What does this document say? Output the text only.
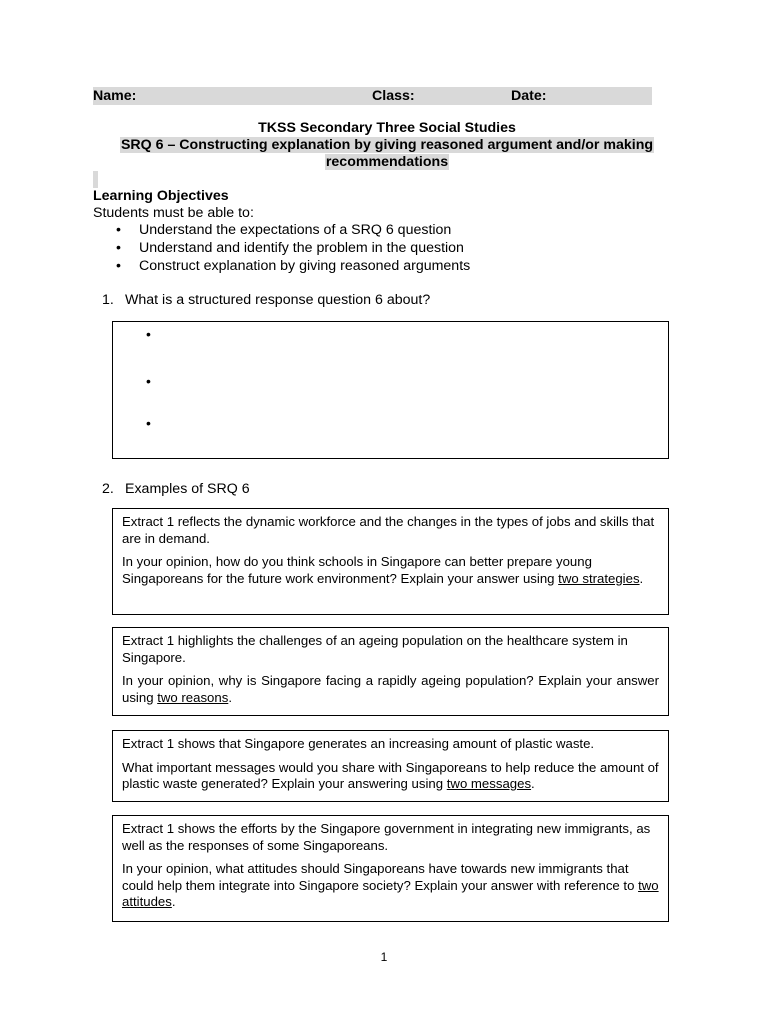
Name:	Class:	Date:
TKSS Secondary Three Social Studies
SRQ 6 – Constructing explanation by giving reasoned argument and/or making
recommendations
Learning Objectives
Students must be able to:
• Understand the expectations of a SRQ 6 question
• Understand and identify the problem in the question
• Construct explanation by giving reasoned arguments
1. What is a structured response question 6 about?
•
•
•
2. Examples of SRQ 6

Extract 1 reflects the dynamic workforce and the changes in the types of jobs and skills that are in demand.

In your opinion, how do you think schools in Singapore can better prepare young Singaporeans for the future work environment? Explain your answer using two strategies.

Extract 1 highlights the challenges of an ageing population on the healthcare system in Singapore.

In your opinion, why is Singapore facing a rapidly ageing population? Explain your answer using two reasons.

Extract 1 shows that Singapore generates an increasing amount of plastic waste.

What important messages would you share with Singaporeans to help reduce the amount of plastic waste generated? Explain your answering using two messages.

Extract 1 shows the efforts by the Singapore government in integrating new immigrants, as well as the responses of some Singaporeans.

In your opinion, what attitudes should Singaporeans have towards new immigrants that could help them integrate into Singapore society? Explain your answer with reference to two attitudes.

1
